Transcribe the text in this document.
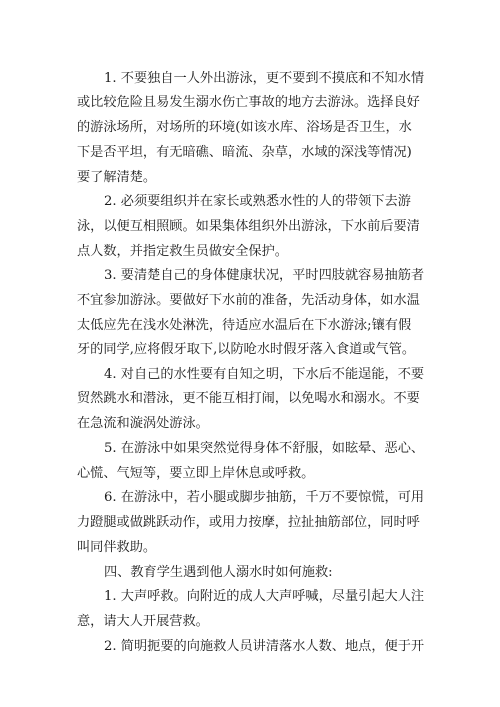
1. 不要独自一人外出游泳，更不要到不摸底和不知水情
或比较危险且易发生溺水伤亡事故的地方去游泳。选择良好
的游泳场所，对场所的环境(如该水库、浴场是否卫生，水
下是否平坦，有无暗礁、暗流、杂草，水域的深浅等情况)
要了解清楚。
2. 必须要组织并在家长或熟悉水性的人的带领下去游
泳，以便互相照顾。如果集体组织外出游泳，下水前后要清
点人数，并指定救生员做安全保护。
3. 要清楚自己的身体健康状况，平时四肢就容易抽筋者
不宜参加游泳。要做好下水前的准备，先活动身体，如水温
太低应先在浅水处淋洗，待适应水温后在下水游泳;镶有假
牙的同学,应将假牙取下,以防呛水时假牙落入食道或气管。
4. 对自己的水性要有自知之明，下水后不能逞能，不要
贸然跳水和潜泳，更不能互相打闹，以免喝水和溺水。不要
在急流和漩涡处游泳。
5. 在游泳中如果突然觉得身体不舒服，如眩晕、恶心、
心慌、气短等，要立即上岸休息或呼救。
6. 在游泳中，若小腿或脚步抽筋，千万不要惊慌，可用
力蹬腿或做跳跃动作，或用力按摩，拉扯抽筋部位，同时呼
叫同伴救助。
四、教育学生遇到他人溺水时如何施救:
1. 大声呼救。向附近的成人大声呼喊，尽量引起大人注
意，请大人开展营救。
2. 简明扼要的向施救人员讲清落水人数、地点，便于开
